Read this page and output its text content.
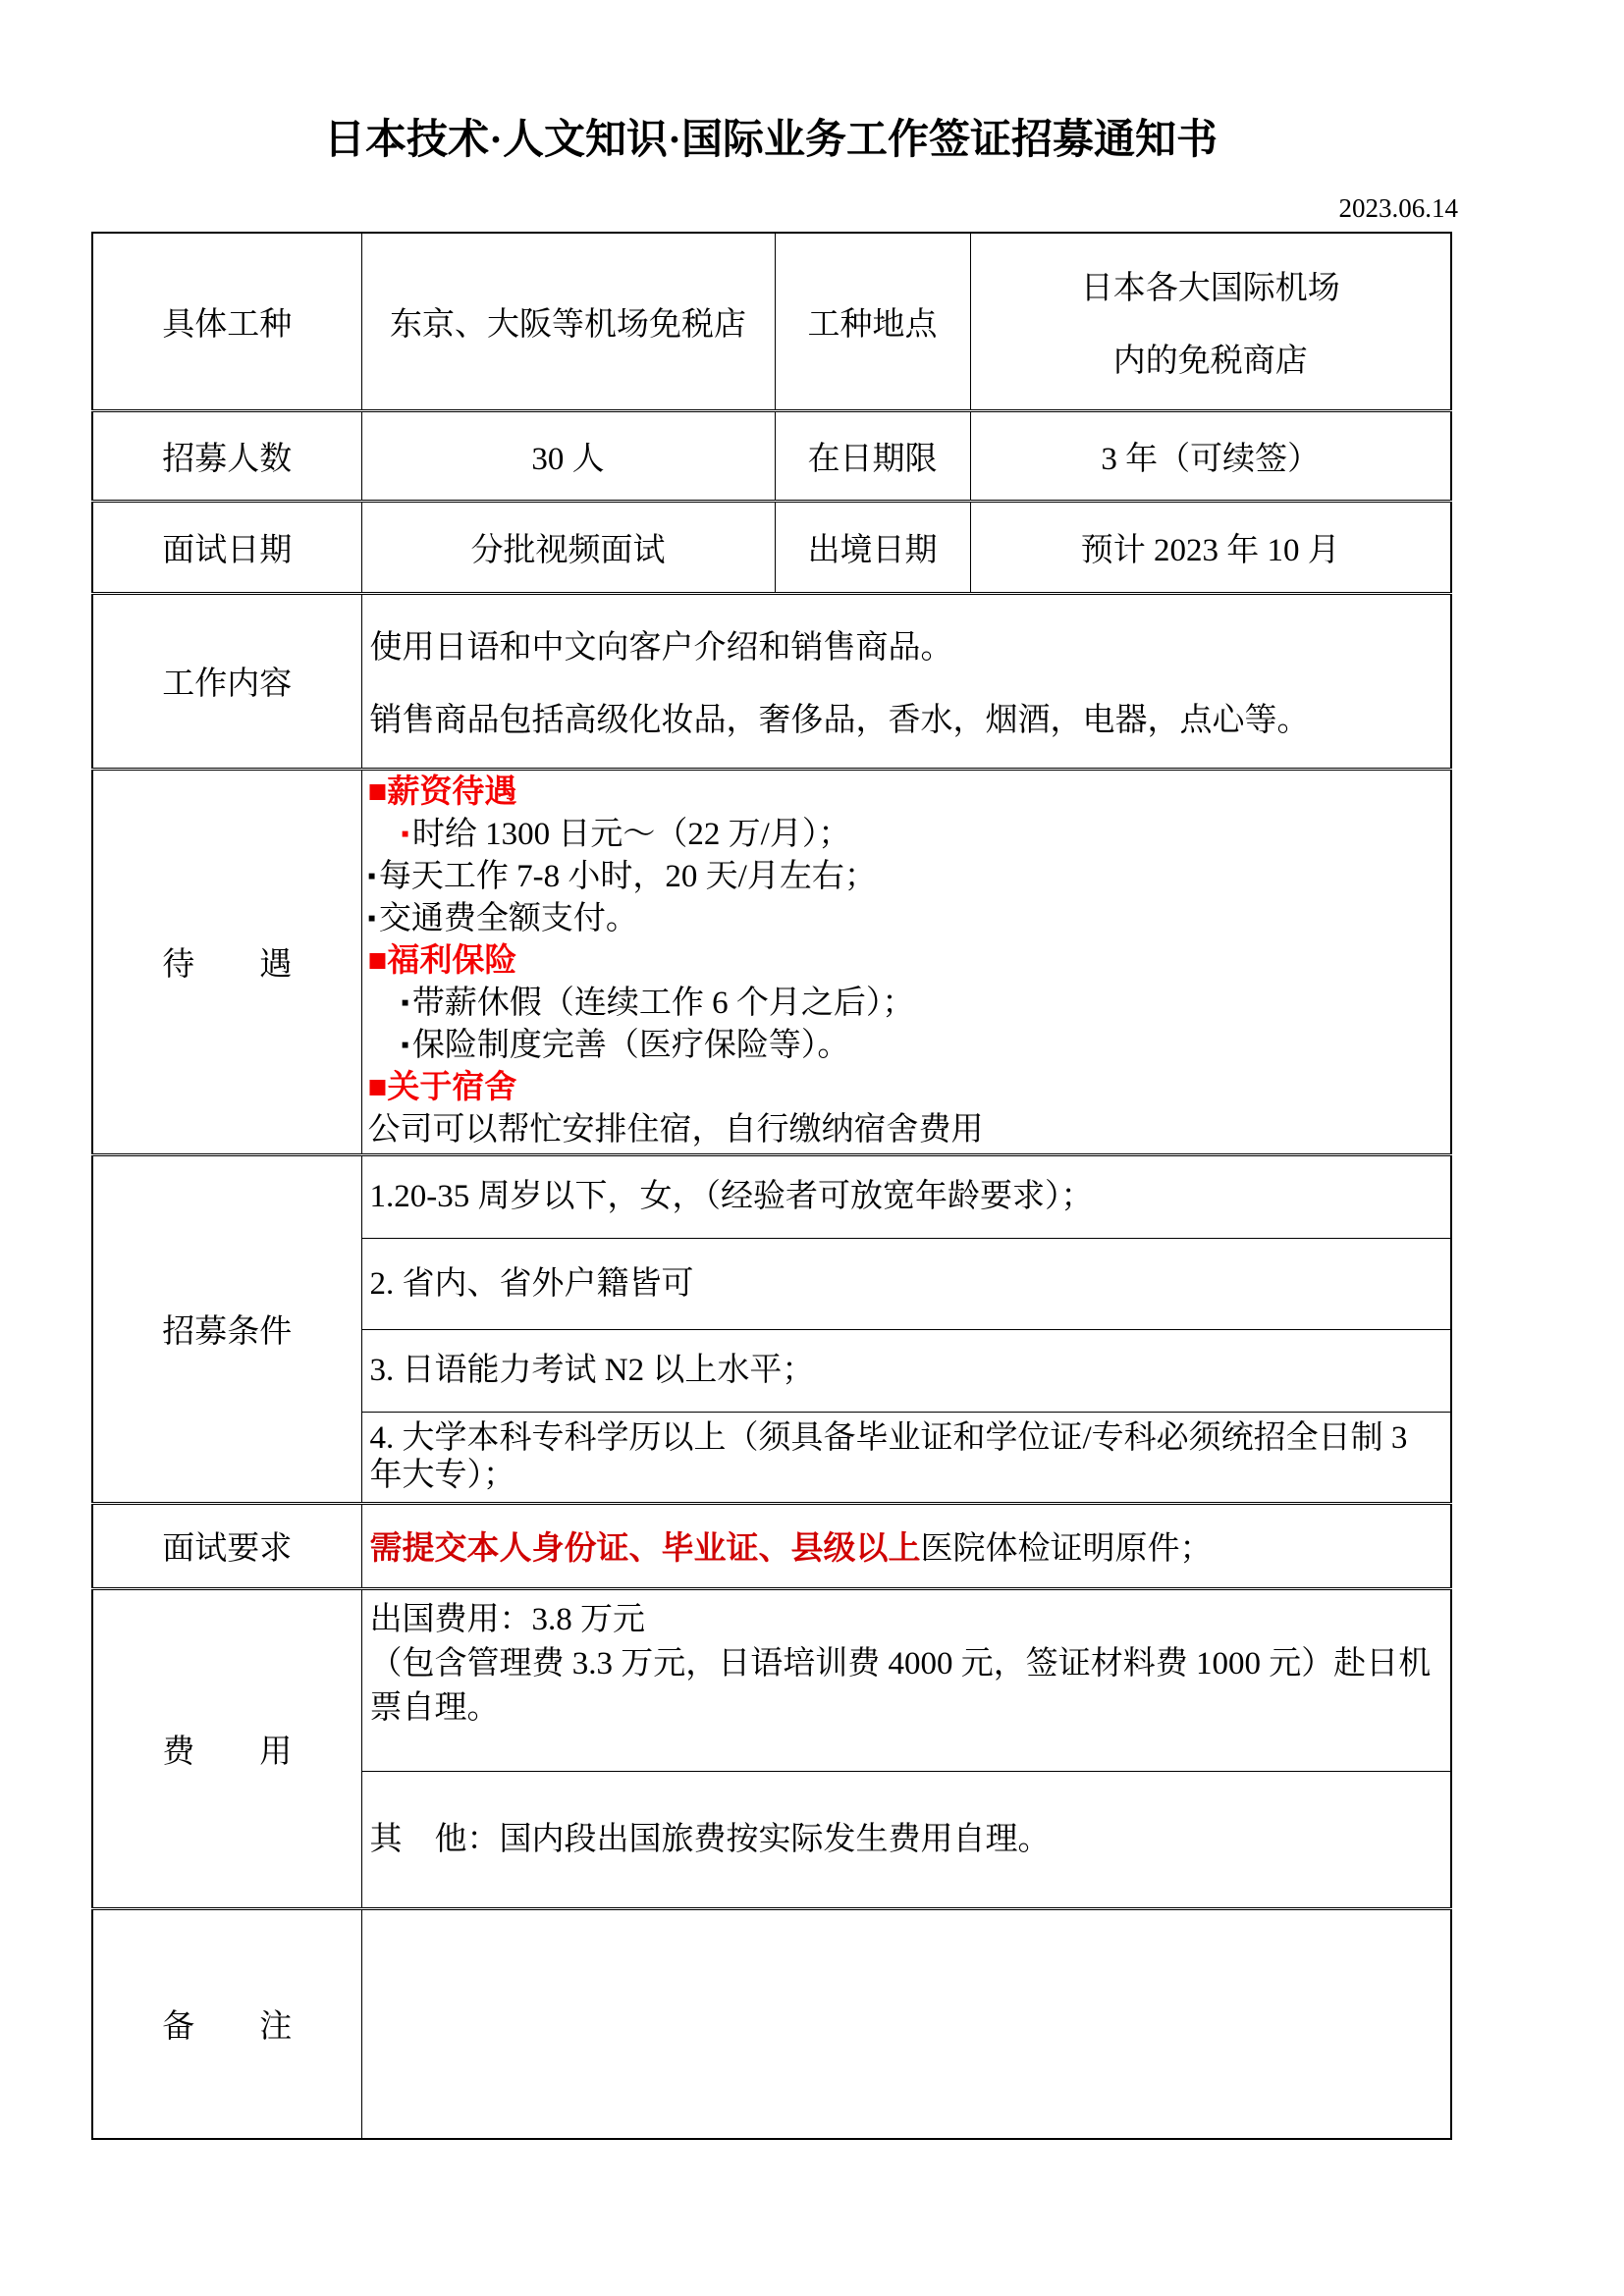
日本技术·人文知识·国际业务工作签证招募通知书
2023.06.14
具体工种	东京、大阪等机场免税店	工种地点	日本各大国际机场
内的免税商店

招募人数	30 人	在日期限	3 年（可续签）
面试日期	分批视频面试	出境日期	预计 2023 年 10 月
工作内容	使用日语和中文向客户介绍和销售商品。
销售商品包括高级化妆品，奢侈品，香水，烟酒，电器，点心等。		

待　　遇	
■薪资待遇
▪时给 1300 日元～（22 万/月）；
▪每天工作 7-8 小时，20 天/月左右；
▪交通费全额支付。
■福利保险
▪带薪休假（连续工作 6 个月之后）；
▪保险制度完善（医疗保险等）。
■关于宿舍
公司可以帮忙安排住宿，自行缴纳宿舍费用

招募条件	1.20-35 周岁以下，女，（经验者可放宽年龄要求）；		

	2. 省内、省外户籍皆可		

	3. 日语能力考试 N2 以上水平；		

	4. 大学本科专科学历以上（须具备毕业证和学位证/专科必须统招全日制 3 年大专）；		

面试要求	需提交本人身份证、毕业证、县级以上医院体检证明原件；		
费　　用	出国费用：3.8 万元
（包含管理费 3.3 万元，日语培训费 4000 元，签证材料费 1000 元）赴日机票自理。		

	其　他：国内段出国旅费按实际发生费用自理。		
备　　注			
